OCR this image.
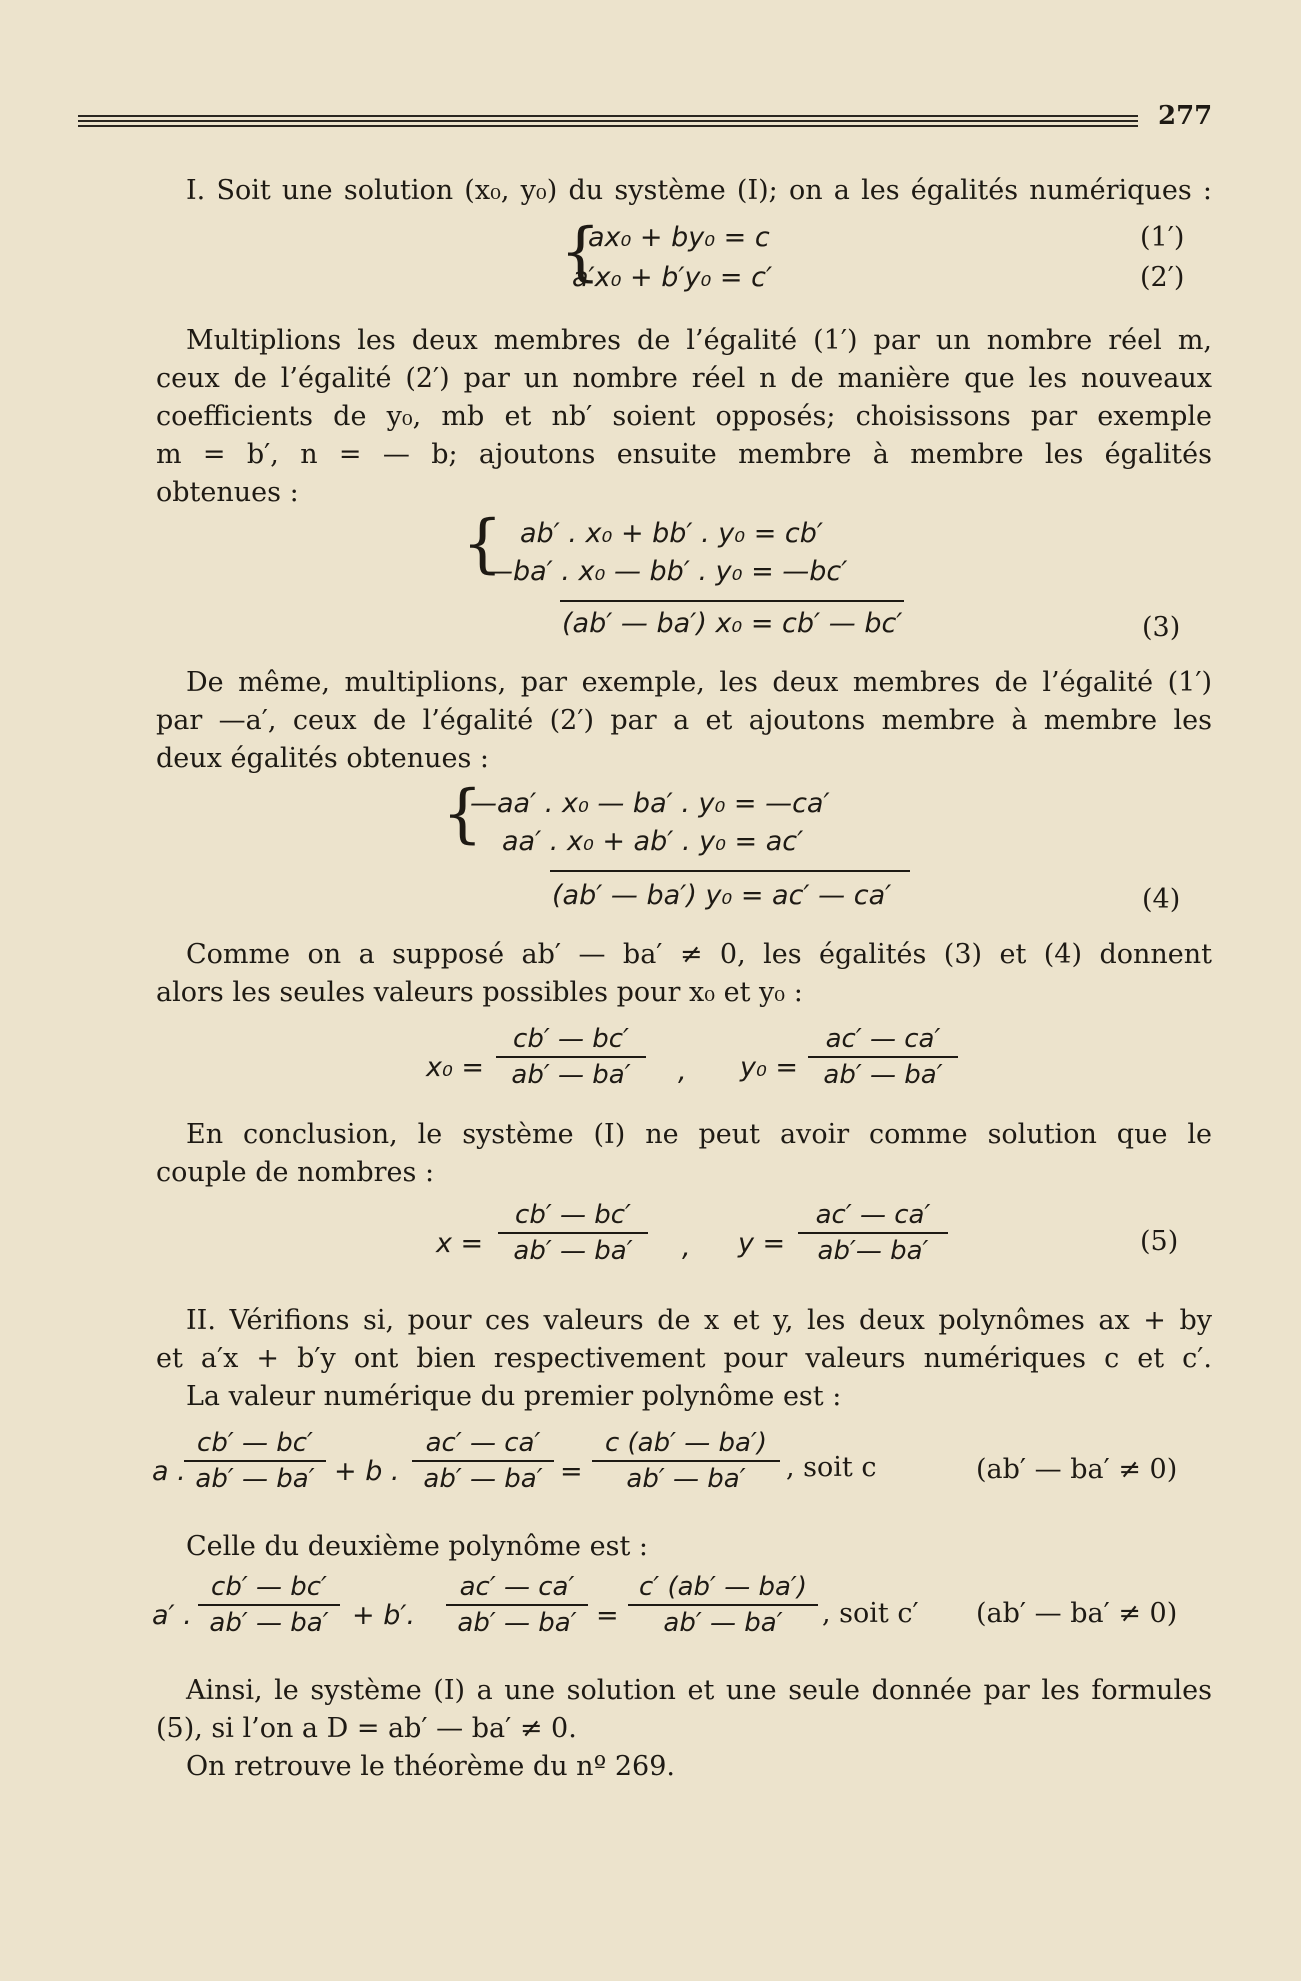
277
I. Soit une solution (x₀, y₀) du système (I); on a les égalités numériques :
{
ax₀ + by₀ = c	(1′)
a′x₀ + b′y₀ = c′	(2′)
Multiplions les deux membres de l’égalité (1′) par un nombre réel m,
ceux de l’égalité (2′) par un nombre réel n de manière que les nouveaux
coefficients de y₀, mb et nb′ soient opposés; choisissons par exemple
m = b′, n = — b; ajoutons ensuite membre à membre les égalités
obtenues :
{ ab′ . x₀ + bb′ . y₀ = cb′
—ba′ . x₀ — bb′ . y₀ = —bc′
(ab′ — ba′) x₀ = cb′ — bc′	(3)
De même, multiplions, par exemple, les deux membres de l’égalité (1′)
par —a′, ceux de l’égalité (2′) par a et ajoutons membre à membre les
deux égalités obtenues :
{
—aa′ . x₀ — ba′ . y₀ = —ca′
aa′ . x₀ + ab′ . y₀ = ac′
(ab′ — ba′) y₀ = ac′ — ca′	(4)
Comme on a supposé ab′ — ba′ ≠ 0, les égalités (3) et (4) donnent
alors les seules valeurs possibles pour x₀ et y₀ :
$x_0 = \frac{cb' — bc'}{ab' — ba'}$ , $y_0 = \frac{ac' — ca'}{ab' — ba'}$
En conclusion, le système (I) ne peut avoir comme solution que le
couple de nombres :
$x = \frac{cb' — bc'}{ab' — ba'}$ , $y = \frac{ac' — ca'}{ab'— ba'}$	(5)
II. Vérifions si, pour ces valeurs de x et y, les deux polynômes ax + by
et a′x + b′y ont bien respectivement pour valeurs numériques c et c′.
La valeur numérique du premier polynôme est :
a .
$\frac{cb' — bc'}{ab' — ba'} + b$ . $\frac{ac' — ca'}{ab' — ba'} = \frac{c (ab' — ba')}{ab' — ba'}$ , soit c	(ab′ — ba′ ≠ 0)
Celle du deuxième polynôme est :
a′ . $\frac{cb' — bc'}{ab' — ba'} + b'$. $\frac{ac' — ca'}{ab' — ba'} = \frac{c' (ab' — ba')}{ab' — ba'}$ , soit c′ (ab′ — ba′ ≠ 0)
Ainsi, le système (I) a une solution et une seule donnée par les formules
(5), si l’on a D = ab′ — ba′ ≠ 0.
On retrouve le théorème du nº 269.
